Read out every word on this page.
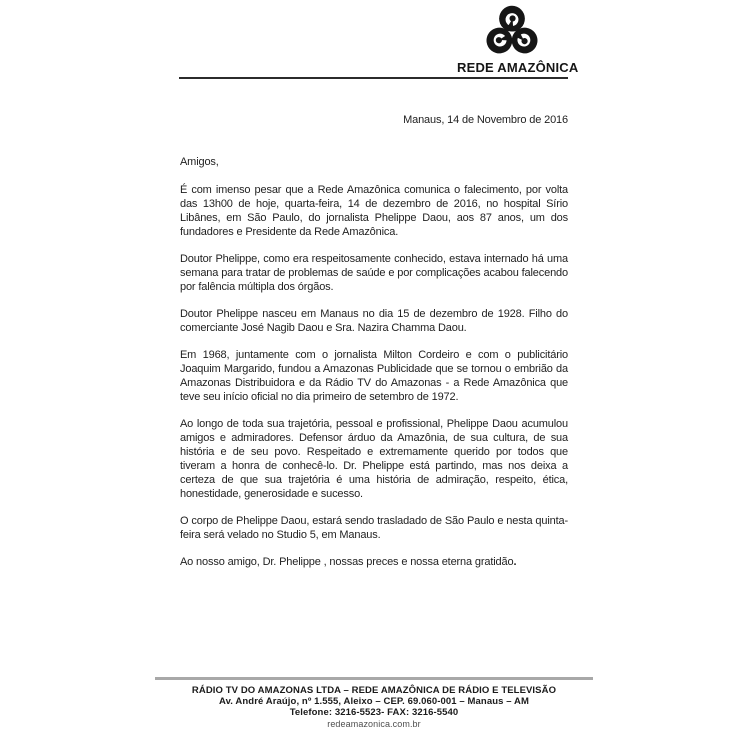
REDE AMAZÔNICA
Manaus, 14 de Novembro de 2016
Amigos,

É com imenso pesar que a Rede Amazônica comunica o falecimento, por volta das 13h00 de hoje, quarta-feira, 14 de dezembro de 2016, no hospital Sírio Libânes, em São Paulo, do jornalista Phelippe Daou, aos 87 anos, um dos fundadores e Presidente da Rede Amazônica.

Doutor Phelippe, como era respeitosamente conhecido, estava internado há uma semana para tratar de problemas de saúde e por complicações acabou falecendo por falência múltipla dos órgãos.

Doutor Phelippe nasceu em Manaus no dia 15 de dezembro de 1928. Filho do comerciante José Nagib Daou e Sra. Nazira Chamma Daou.

Em 1968, juntamente com o jornalista Milton Cordeiro e com o publicitário Joaquim Margarido, fundou a Amazonas Publicidade que se tornou o embrião da Amazonas Distribuidora e da Rádio TV do Amazonas - a Rede Amazônica que teve seu início oficial no dia primeiro de setembro de 1972.

Ao longo de toda sua trajetória, pessoal e profissional, Phelippe Daou acumulou amigos e admiradores. Defensor árduo da Amazônia, de sua cultura, de sua história e de seu povo. Respeitado e extremamente querido por todos que tiveram a honra de conhecê-lo. Dr. Phelippe está partindo, mas nos deixa a certeza de que sua trajetória é uma história de admiração, respeito, ética, honestidade, generosidade e sucesso.

O corpo de Phelippe Daou, estará sendo trasladado de São Paulo e nesta quinta-feira será velado no Studio 5, em Manaus.

Ao nosso amigo, Dr. Phelippe , nossas preces e nossa eterna gratidão.

RÁDIO TV DO AMAZONAS LTDA – REDE AMAZÔNICA DE RÁDIO E TELEVISÃO
Av. André Araújo, nº 1.555, Aleixo – CEP. 69.060-001 – Manaus – AM
Telefone: 3216-5523- FAX: 3216-5540
redeamazonica.com.br
